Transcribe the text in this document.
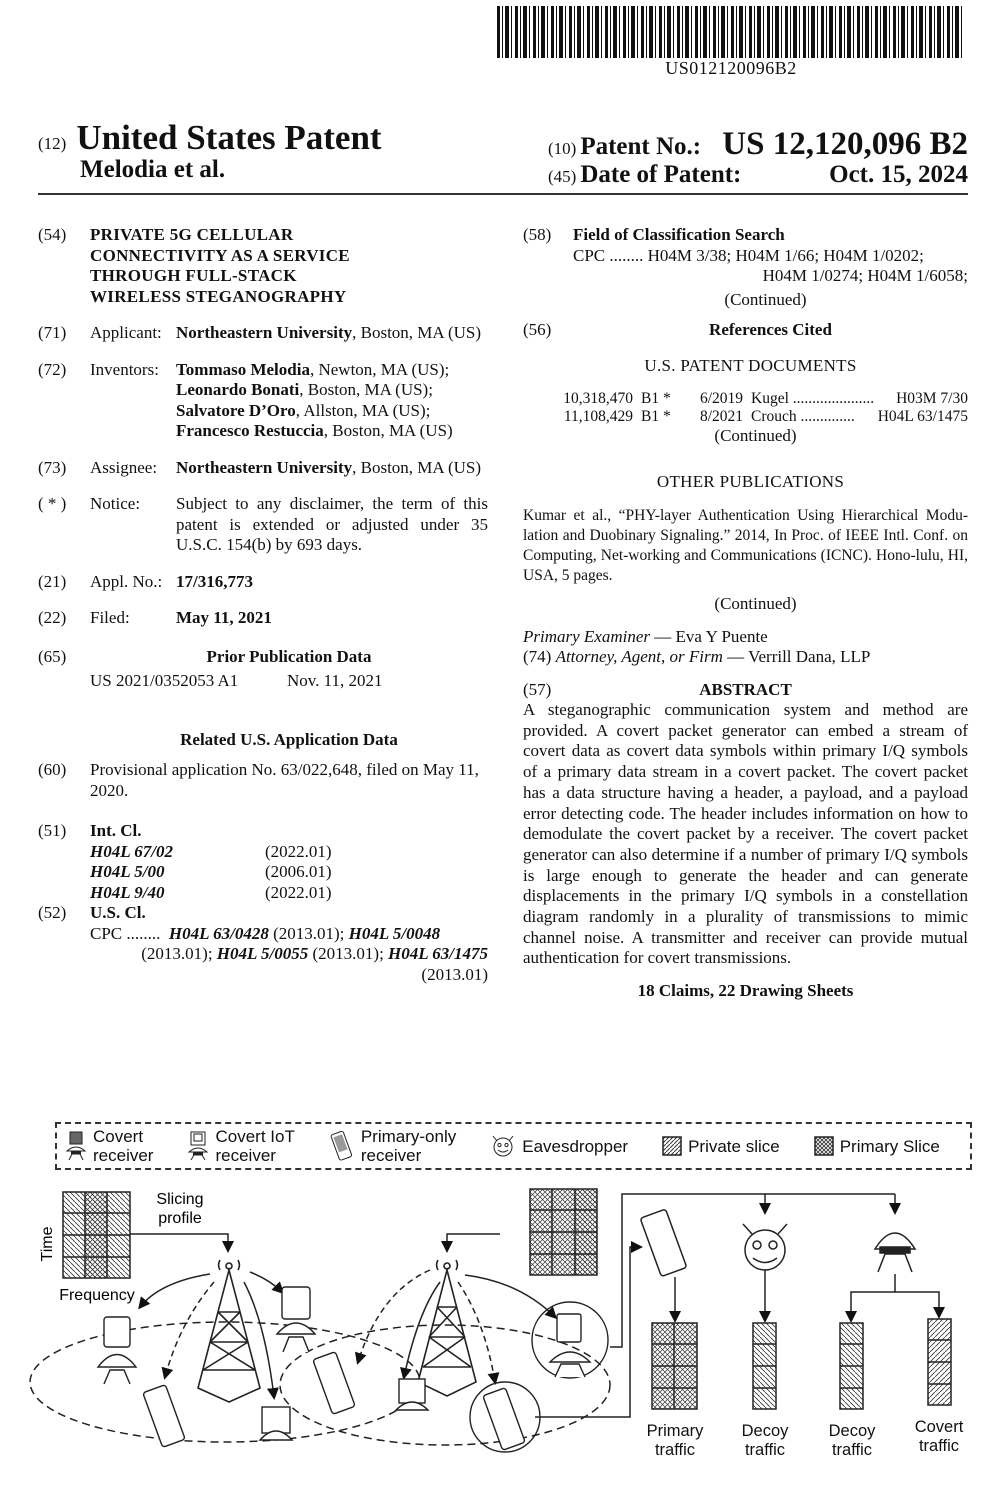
US012120096B2
(12) United States Patent
Melodia et al.
(10) Patent No.: US 12,120,096 B2
(45) Date of Patent:	Oct. 15, 2024
(54)	PRIVATE 5G CELLULAR CONNECTIVITY AS A SERVICE THROUGH FULL-STACK WIRELESS STEGANOGRAPHY
(71)	Applicant: Northeastern University, Boston, MA (US)
(72)	Inventors:	Tommaso Melodia, Newton, MA (US);
Leonardo Bonati, Boston, MA (US);
Salvatore D’Oro, Allston, MA (US);
Francesco Restuccia, Boston, MA (US)
(73)	Assignee:	Northeastern University, Boston, MA (US)
( * )	Notice:	Subject to any disclaimer, the term of this patent is extended or adjusted under 35 U.S.C. 154(b) by 693 days.
(21)	Appl. No.: 17/316,773
(22)	Filed:	May 11, 2021
(65)	Prior Publication Data
US 2021/0352053 A1	Nov. 11, 2021
Related U.S. Application Data
(60)	Provisional application No. 63/022,648, filed on May 11, 2020.
(51)	Int. Cl.
H04L 67/02	(2022.01)
H04L 5/00	(2006.01)
H04L 9/40	(2022.01)
(52)	U.S. Cl.
CPC ........ H04L 63/0428 (2013.01); H04L 5/0048
(2013.01); H04L 5/0055 (2013.01); H04L 63/1475
(2013.01)
(58)	Field of Classification Search
CPC ........ H04M 3/38; H04M 1/66; H04M 1/0202;
H04M 1/0274; H04M 1/6058;
(Continued)
(56)	References Cited
U.S. PATENT DOCUMENTS
10,318,470 B1 *	6/2019 Kugel .....................	H03M 7/30
11,108,429 B1 *	8/2021 Crouch ..............	H04L 63/1475
(Continued)
OTHER PUBLICATIONS
Kumar et al., “PHY-layer Authentication Using Hierarchical Modu-lation and Duobinary Signaling.” 2014, In Proc. of IEEE Intl. Conf. on Computing, Net-working and Communications (ICNC). Hono-lulu, HI, USA, 5 pages.
(Continued)
Primary Examiner — Eva Y Puente
(74) Attorney, Agent, or Firm — Verrill Dana, LLP
(57)	ABSTRACT
A steganographic communication system and method are provided. A covert packet generator can embed a stream of covert data as covert data symbols within primary I/Q symbols of a primary data stream in a covert packet. The covert packet has a data structure having a header, a payload, and a payload error detecting code. The header includes information on how to demodulate the covert packet by a receiver. The covert packet generator can also determine if a number of primary I/Q symbols is large enough to generate the header and can generate displacements in the primary I/Q symbols in a constellation diagram randomly in a plurality of transmissions to mimic channel noise. A transmitter and receiver can provide mutual authentication for covert transmissions.
18 Claims, 22 Drawing Sheets
Covert
receiver
Covert IoT
receiver
Primary-only
receiver	Eavesdropper	Private slice	Primary Slice
Time
Frequency
Slicing
profile
Primary
traffic
Decoy
traffic
Decoy
traffic
Covert
traffic
